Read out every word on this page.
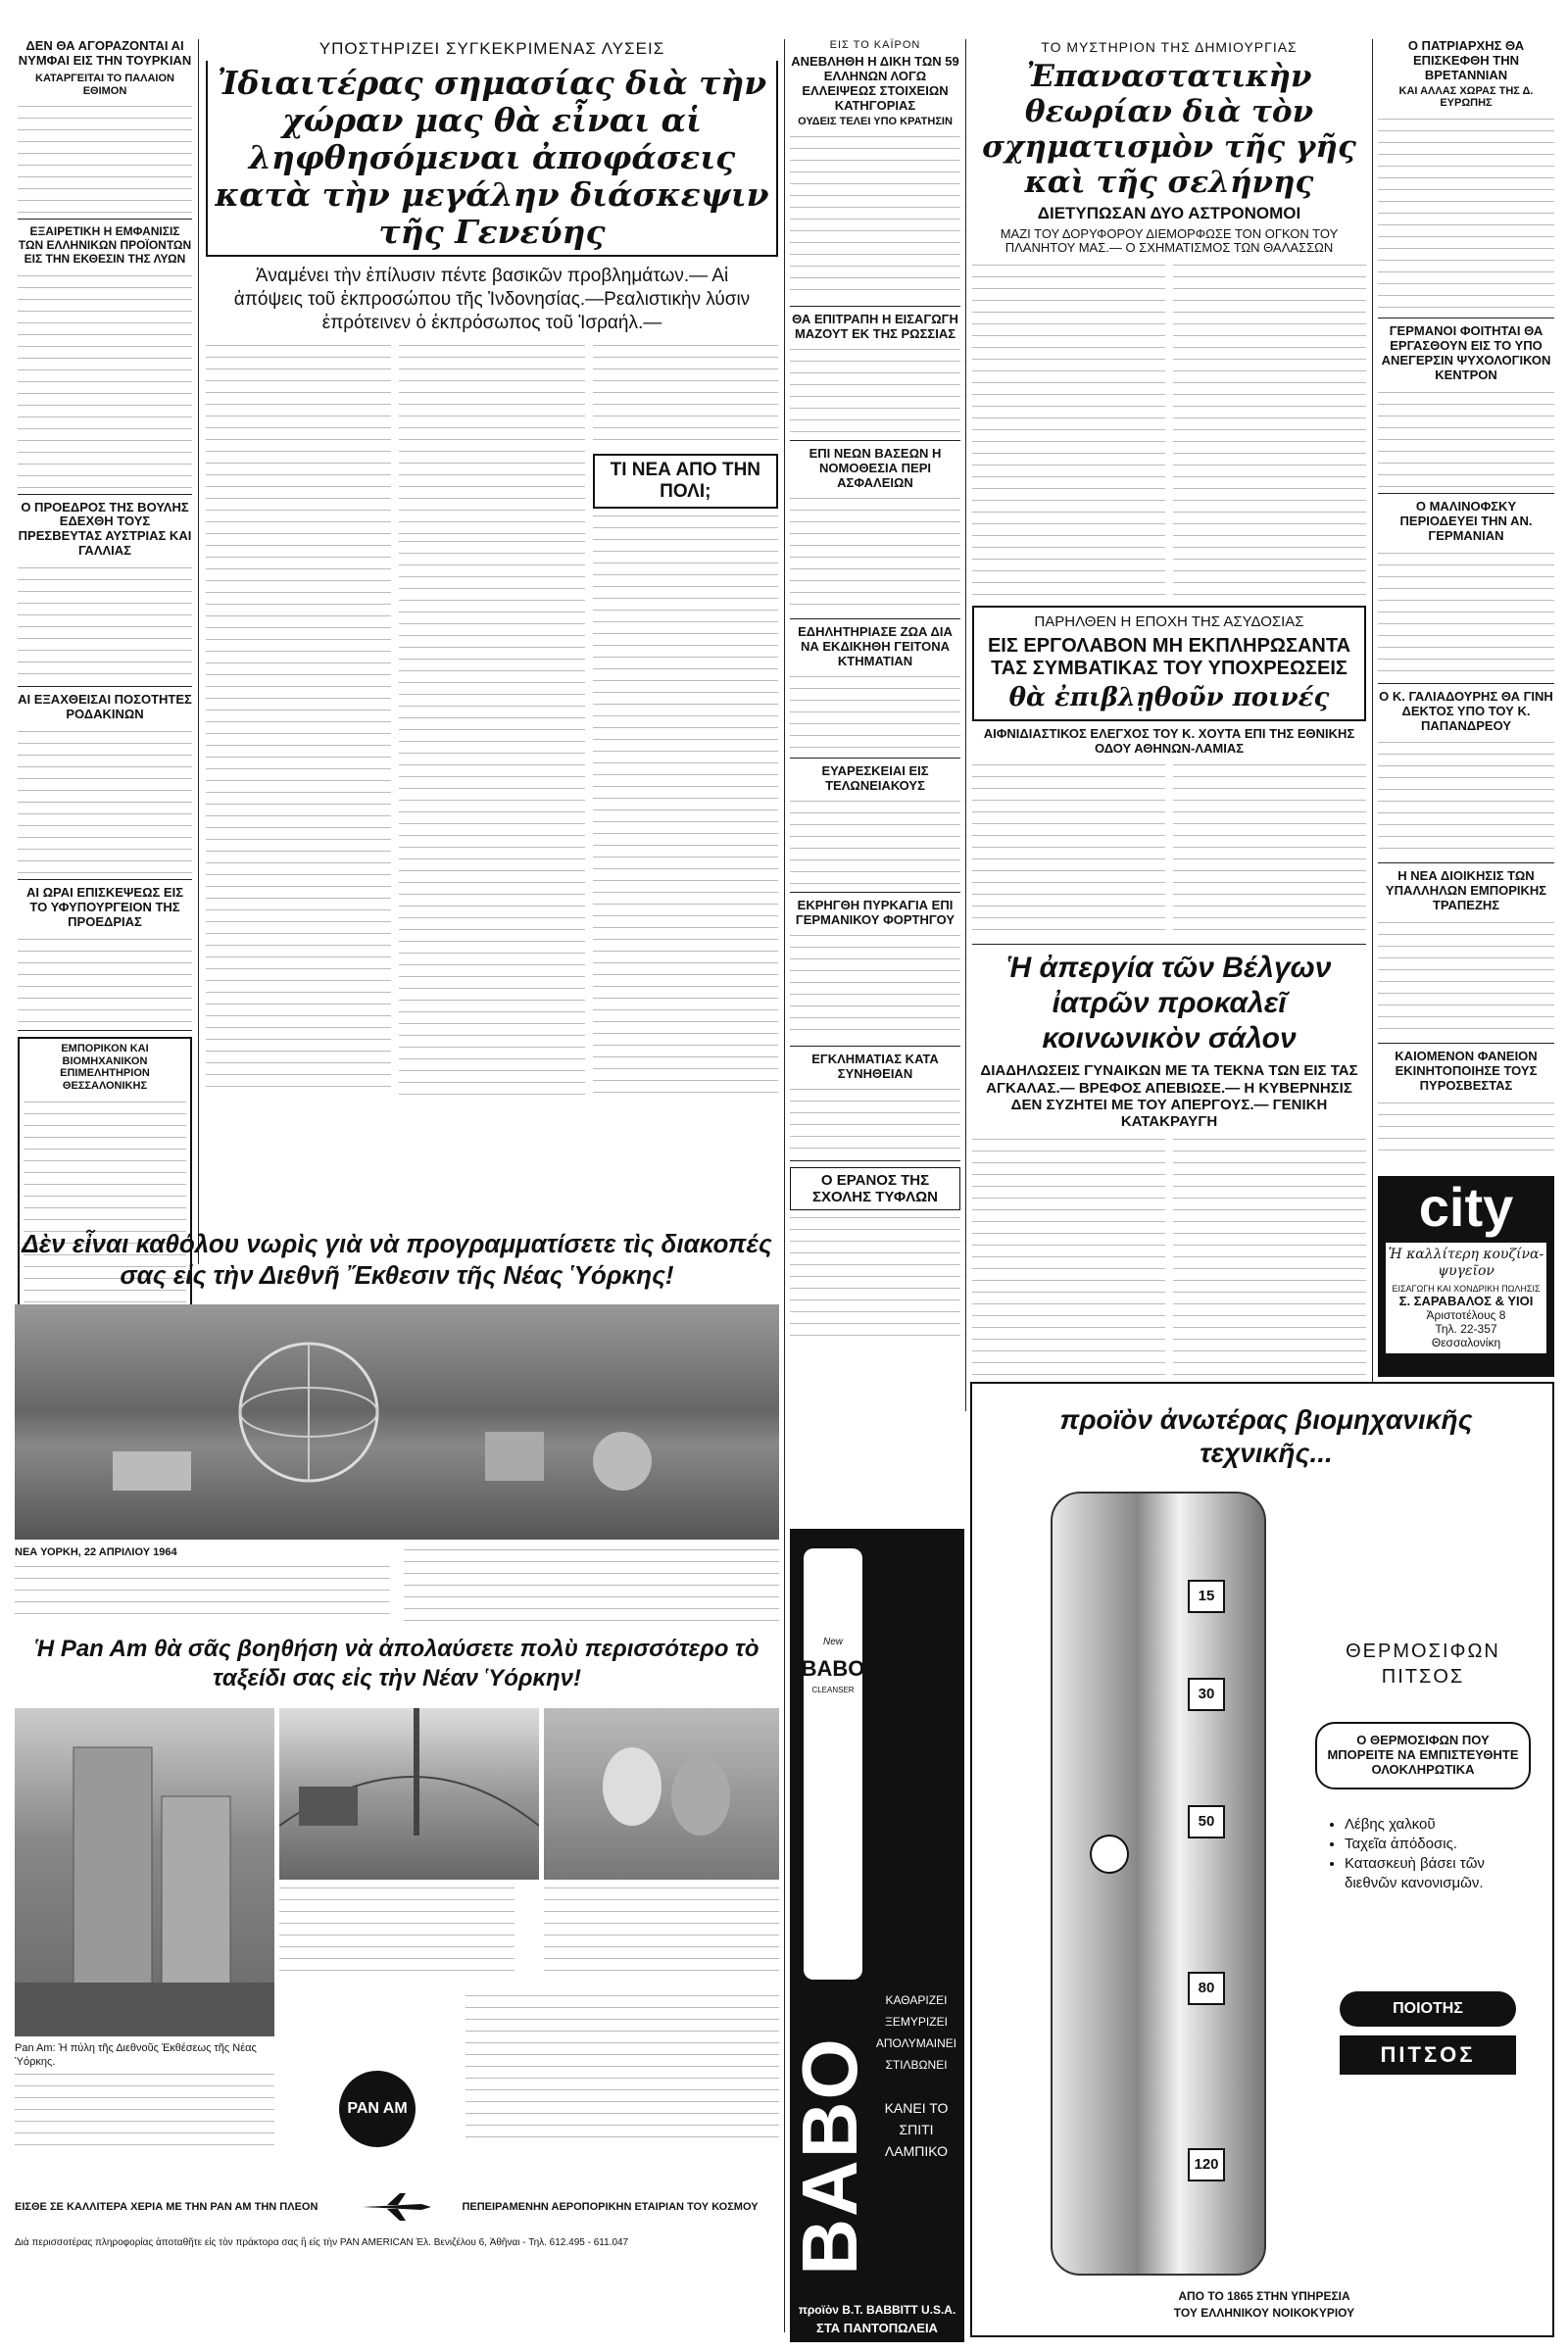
ΔΕΝ ΘΑ ΑΓΟΡΑΖΟΝΤΑΙ ΑΙ ΝΥΜΦΑΙ ΕΙΣ ΤΗΝ ΤΟΥΡΚΙΑΝ
ΚΑΤΑΡΓΕΙΤΑΙ ΤΟ ΠΑΛΑΙΟΝ ΕΘΙΜΟΝ
ΕΞΑΙΡΕΤΙΚΗ Η ΕΜΦΑΝΙΣΙΣ ΤΩΝ ΕΛΛΗΝΙΚΩΝ ΠΡΟΪΟΝΤΩΝ ΕΙΣ ΤΗΝ ΕΚΘΕΣΙΝ ΤΗΣ ΛΥΩΝ
Ο ΠΡΟΕΔΡΟΣ ΤΗΣ ΒΟΥΛΗΣ ΕΔΕΧΘΗ ΤΟΥΣ ΠΡΕΣΒΕΥΤΑΣ ΑΥΣΤΡΙΑΣ ΚΑΙ ΓΑΛΛΙΑΣ
ΑΙ ΕΞΑΧΘΕΙΣΑΙ ΠΟΣΟΤΗΤΕΣ ΡΟΔΑΚΙΝΩΝ
ΑΙ ΩΡΑΙ ΕΠΙΣΚΕΨΕΩΣ ΕΙΣ ΤΟ ΥΦΥΠΟΥΡΓΕΙΟΝ ΤΗΣ ΠΡΟΕΔΡΙΑΣ
ΕΜΠΟΡΙΚΟΝ ΚΑΙ ΒΙΟΜΗΧΑΝΙΚΟΝ ΕΠΙΜΕΛΗΤΗΡΙΟΝ ΘΕΣΣΑΛΟΝΙΚΗΣ
ΥΠΟΣΤΗΡΙΖΕΙ ΣΥΓΚΕΚΡΙΜΕΝΑΣ ΛΥΣΕΙΣ
Ἰδιαιτέρας σημασίας διὰ τὴν χώραν μας θὰ εἶναι αἱ ληφθησόμεναι ἀποφάσεις κατὰ τὴν μεγάλην διάσκεψιν τῆς Γενεύης
Ἀναμένει τὴν ἐπίλυσιν πέντε βασικῶν προβλημάτων.— Αἱ ἀπόψεις τοῦ ἐκπροσώπου τῆς Ἰνδονησίας.—Ρεαλιστικὴν λύσιν ἐπρότεινεν ὁ ἐκπρόσωπος τοῦ Ἰσραήλ.—
ΤΙ ΝΕΑ ΑΠΟ ΤΗΝ ΠΟΛΙ;
Δὲν εἶναι καθόλου νωρὶς γιὰ νὰ προγραμματίσετε τὶς διακοπές σας εἰς τὴν Διεθνῆ Ἔκθεσιν τῆς Νέας Ὑόρκης!
ΝΕΑ ΥΟΡΚΗ, 22 ΑΠΡΙΛΙΟΥ 1964
Ἡ Pan Am θὰ σᾶς βοηθήση νὰ ἀπολαύσετε πολὺ περισσότερο τὸ ταξείδι σας εἰς τὴν Νέαν Ὑόρκην!
Pan Am: Ἡ πύλη τῆς Διεθνοῦς Ἐκθέσεως τῆς Νέας Ὑόρκης.
PAN AM
ΕΙΣΘΕ ΣΕ ΚΑΛΛΙΤΕΡΑ ΧΕΡΙΑ ΜΕ ΤΗΝ PAN AM ΤΗΝ ΠΛΕΟΝ	ΠΕΠΕΙΡΑΜΕΝΗΝ ΑΕΡΟΠΟΡΙΚΗΝ ΕΤΑΙΡΙΑΝ ΤΟΥ ΚΟΣΜΟΥ
Διὰ περισσοτέρας πληροφορίας ἀποταθῆτε εἰς τὸν πράκτορα σας ἢ εἰς τὴν PAN AMERICAN Ἐλ. Βενιζέλου 6, Ἀθῆναι - Τηλ. 612.495 - 611.047
ΕΙΣ ΤΟ ΚΑΪΡΟΝ
ΑΝΕΒΛΗΘΗ Η ΔΙΚΗ ΤΩΝ 59 ΕΛΛΗΝΩΝ ΛΟΓΩ ΕΛΛΕΙΨΕΩΣ ΣΤΟΙΧΕΙΩΝ ΚΑΤΗΓΟΡΙΑΣ
ΟΥΔΕΙΣ ΤΕΛΕΙ ΥΠΟ ΚΡΑΤΗΣΙΝ
ΘΑ ΕΠΙΤΡΑΠΗ Η ΕΙΣΑΓΩΓΗ ΜΑΖΟΥΤ ΕΚ ΤΗΣ ΡΩΣΣΙΑΣ
ΕΠΙ ΝΕΩΝ ΒΑΣΕΩΝ Η ΝΟΜΟΘΕΣΙΑ ΠΕΡΙ ΑΣΦΑΛΕΙΩΝ
ΕΔΗΛΗΤΗΡΙΑΣΕ ΖΩΑ ΔΙΑ ΝΑ ΕΚΔΙΚΗΘΗ ΓΕΙΤΟΝΑ ΚΤΗΜΑΤΙΑΝ
ΕΥΑΡΕΣΚΕΙΑΙ ΕΙΣ ΤΕΛΩΝΕΙΑΚΟΥΣ
ΕΚΡΗΓΘΗ ΠΥΡΚΑΓΙΑ ΕΠΙ ΓΕΡΜΑΝΙΚΟΥ ΦΟΡΤΗΓΟΥ
ΕΓΚΛΗΜΑΤΙΑΣ ΚΑΤΑ ΣΥΝΗΘΕΙΑΝ
Ο ΕΡΑΝΟΣ ΤΗΣ ΣΧΟΛΗΣ ΤΥΦΛΩΝ
New
BABO
CLEANSER
BABO
ΚΑΘΑΡΙΖΕΙ
ΞΕΜΥΡΙΖΕΙ
ΑΠΟΛΥΜΑΙΝΕΙ
ΣΤΙΛΒΩΝΕΙ
ΚΑΝΕΙ ΤΟ ΣΠΙΤΙ ΛΑΜΠΙΚΟ
προϊὸν Β.Τ. BABBITT U.S.A.
ΣΤΑ ΠΑΝΤΟΠΩΛΕΙΑ
ΤΟ ΜΥΣΤΗΡΙΟΝ ΤΗΣ ΔΗΜΙΟΥΡΓΙΑΣ
Ἐπαναστατικὴν θεωρίαν διὰ τὸν σχηματισμὸν τῆς γῆς καὶ τῆς σελήνης
ΔΙΕΤΥΠΩΣΑΝ ΔΥΟ ΑΣΤΡΟΝΟΜΟΙ
ΜΑΖΙ ΤΟΥ ΔΟΡΥΦΟΡΟΥ ΔΙΕΜΟΡΦΩΣΕ ΤΟΝ ΟΓΚΟΝ ΤΟΥ ΠΛΑΝΗΤΟΥ ΜΑΣ.— Ο ΣΧΗΜΑΤΙΣΜΟΣ ΤΩΝ ΘΑΛΑΣΣΩΝ
ΠΑΡΗΛΘΕΝ Η ΕΠΟΧΗ ΤΗΣ ΑΣΥΔΟΣΙΑΣ
ΕΙΣ ΕΡΓΟΛΑΒΟΝ ΜΗ ΕΚΠΛΗΡΩΣΑΝΤΑ ΤΑΣ ΣΥΜΒΑΤΙΚΑΣ ΤΟΥ ΥΠΟΧΡΕΩΣΕΙΣ
θὰ ἐπιβλῃθοῦν ποινές
ΑΙΦΝΙΔΙΑΣΤΙΚΟΣ ΕΛΕΓΧΟΣ ΤΟΥ Κ. ΧΟΥΤΑ ΕΠΙ ΤΗΣ ΕΘΝΙΚΗΣ ΟΔΟΥ ΑΘΗΝΩΝ-ΛΑΜΙΑΣ
Ἡ ἀπεργία τῶν Βέλγων ἰατρῶν προκαλεῖ κοινωνικὸν σάλον
ΔΙΑΔΗΛΩΣΕΙΣ ΓΥΝΑΙΚΩΝ ΜΕ ΤΑ ΤΕΚΝΑ ΤΩΝ ΕΙΣ ΤΑΣ ΑΓΚΑΛΑΣ.— ΒΡΕΦΟΣ ΑΠΕΒΙΩΣΕ.— Η ΚΥΒΕΡΝΗΣΙΣ ΔΕΝ ΣΥΖΗΤΕΙ ΜΕ ΤΟΥ ΑΠΕΡΓΟΥΣ.— ΓΕΝΙΚΗ ΚΑΤΑΚΡΑΥΓΗ
Ο ΠΑΤΡΙΑΡΧΗΣ ΘΑ ΕΠΙΣΚΕΦΘΗ ΤΗΝ ΒΡΕΤΑΝΝΙΑΝ
ΚΑΙ ΑΛΛΑΣ ΧΩΡΑΣ ΤΗΣ Δ. ΕΥΡΩΠΗΣ
ΓΕΡΜΑΝΟΙ ΦΟΙΤΗΤΑΙ ΘΑ ΕΡΓΑΣΘΟΥΝ ΕΙΣ ΤΟ ΥΠΟ ΑΝΕΓΕΡΣΙΝ ΨΥΧΟΛΟΓΙΚΟΝ ΚΕΝΤΡΟΝ
Ο ΜΑΛΙΝΟΦΣΚΥ ΠΕΡΙΟΔΕΥΕΙ ΤΗΝ ΑΝ. ΓΕΡΜΑΝΙΑΝ
Ο Κ. ΓΑΛΙΑΔΟΥΡΗΣ ΘΑ ΓΙΝΗ ΔΕΚΤΟΣ ΥΠΟ ΤΟΥ Κ. ΠΑΠΑΝΔΡΕΟΥ
Η ΝΕΑ ΔΙΟΙΚΗΣΙΣ ΤΩΝ ΥΠΑΛΛΗΛΩΝ ΕΜΠΟΡΙΚΗΣ ΤΡΑΠΕΖΗΣ
ΚΑΙΟΜΕΝΟΝ ΦΑΝΕΙΟΝ ΕΚΙΝΗΤΟΠΟΙΗΣΕ ΤΟΥΣ ΠΥΡΟΣΒΕΣΤΑΣ
city
Ἡ καλλίτερη κουζίνα-ψυγεῖον
ΕΙΣΑΓΩΓΗ ΚΑΙ ΧΟΝΔΡΙΚΗ ΠΩΛΗΣΙΣ
Σ. ΣΑΡΑΒΑΛΟΣ & ΥΙΟΙ
Ἀριστοτέλους 8
Τηλ. 22-357
Θεσσαλονίκη
προϊὸν ἀνωτέρας βιομηχανικῆς τεχνικῆς...
15
30
50
80
120
ΘΕΡΜΟΣΙΦΩΝ ΠΙΤΣΟΣ
Ο ΘΕΡΜΟΣΙΦΩΝ ΠΟΥ ΜΠΟΡΕΙΤΕ ΝΑ ΕΜΠΙΣΤΕΥΘΗΤΕ ΟΛΟΚΛΗΡΩΤΙΚΑ
• Λέβης χαλκοῦ
• Ταχεῖα ἀπόδοσις.
• Κατασκευὴ βάσει τῶν διεθνῶν κανονισμῶν.
ΠΟΙΟΤΗΣ
ΠΙΤΣΟΣ
ΑΠΟ ΤΟ 1865 ΣΤΗΝ ΥΠΗΡΕΣΙΑ
ΤΟΥ ΕΛΛΗΝΙΚΟΥ ΝΟΙΚΟΚΥΡΙΟΥ
